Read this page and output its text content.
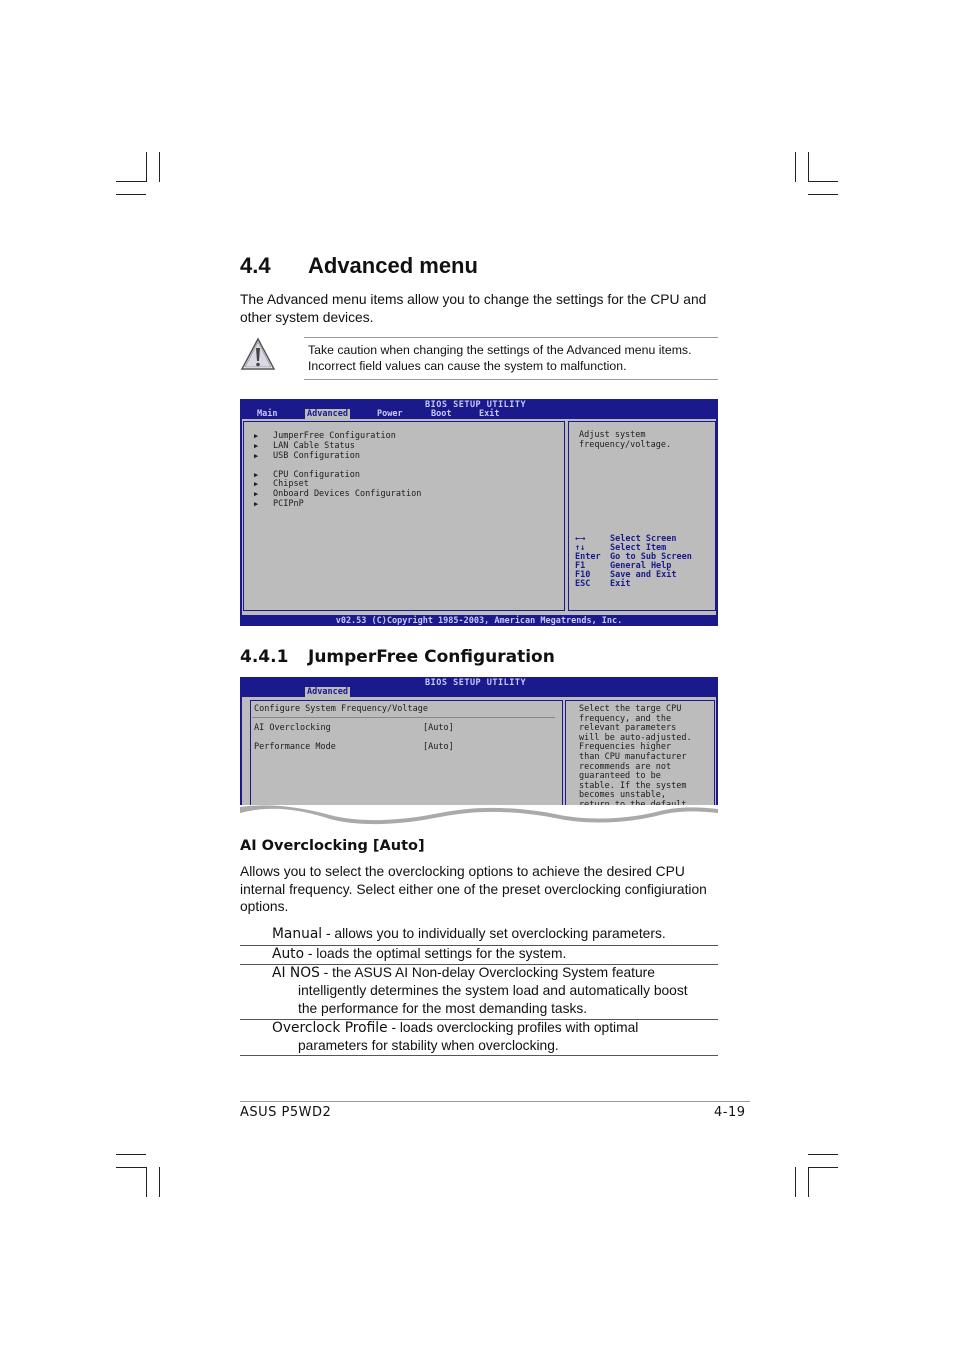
4.4 Advanced menu

The Advanced menu items allow you to change the settings for the CPU and other system devices.

Take caution when changing the settings of the Advanced menu items.
Incorrect field values can cause the system to malfunction.
BIOS SETUP UTILITY
Main	Advanced	Power	Boot	Exit
▶ JumperFree Configuration
▶ LAN Cable Status
▶ USB Configuration
▶ CPU Configuration
▶ Chipset
▶ Onboard Devices Configuration
▶ PCIPnP
Adjust system
frequency/voltage.
←→	Select Screen
↑↓	Select Item
Enter Go to Sub Screen
F1	General Help
F10 Save and Exit
ESC Exit
v02.53 (C)Copyright 1985-2003, American Megatrends, Inc.
4.4.1 JumperFree Configuration
BIOS SETUP UTILITY
Advanced
Configure System Frequency/Voltage
AI Overclocking	[Auto]
Performance Mode	[Auto]
Select the targe CPU
frequency, and the
relevant parameters
will be auto-adjusted.
Frequencies higher
than CPU manufacturer
recommends are not
guaranteed to be
stable. If the system
becomes unstable,
AI Overclocking [Auto]

Allows you to select the overclocking options to achieve the desired CPU internal frequency. Select either one of the preset overclocking configiuration options.

Manual - allows you to individually set overclocking parameters.
Auto - loads the optimal settings for the system.
AI NOS - the ASUS AI Non-delay Overclocking System feature
intelligently determines the system load and automatically boost
the performance for the most demanding tasks.
Overclock Profile - loads overclocking profiles with optimal
parameters for stability when overclocking.
ASUS P5WD2	4-19
